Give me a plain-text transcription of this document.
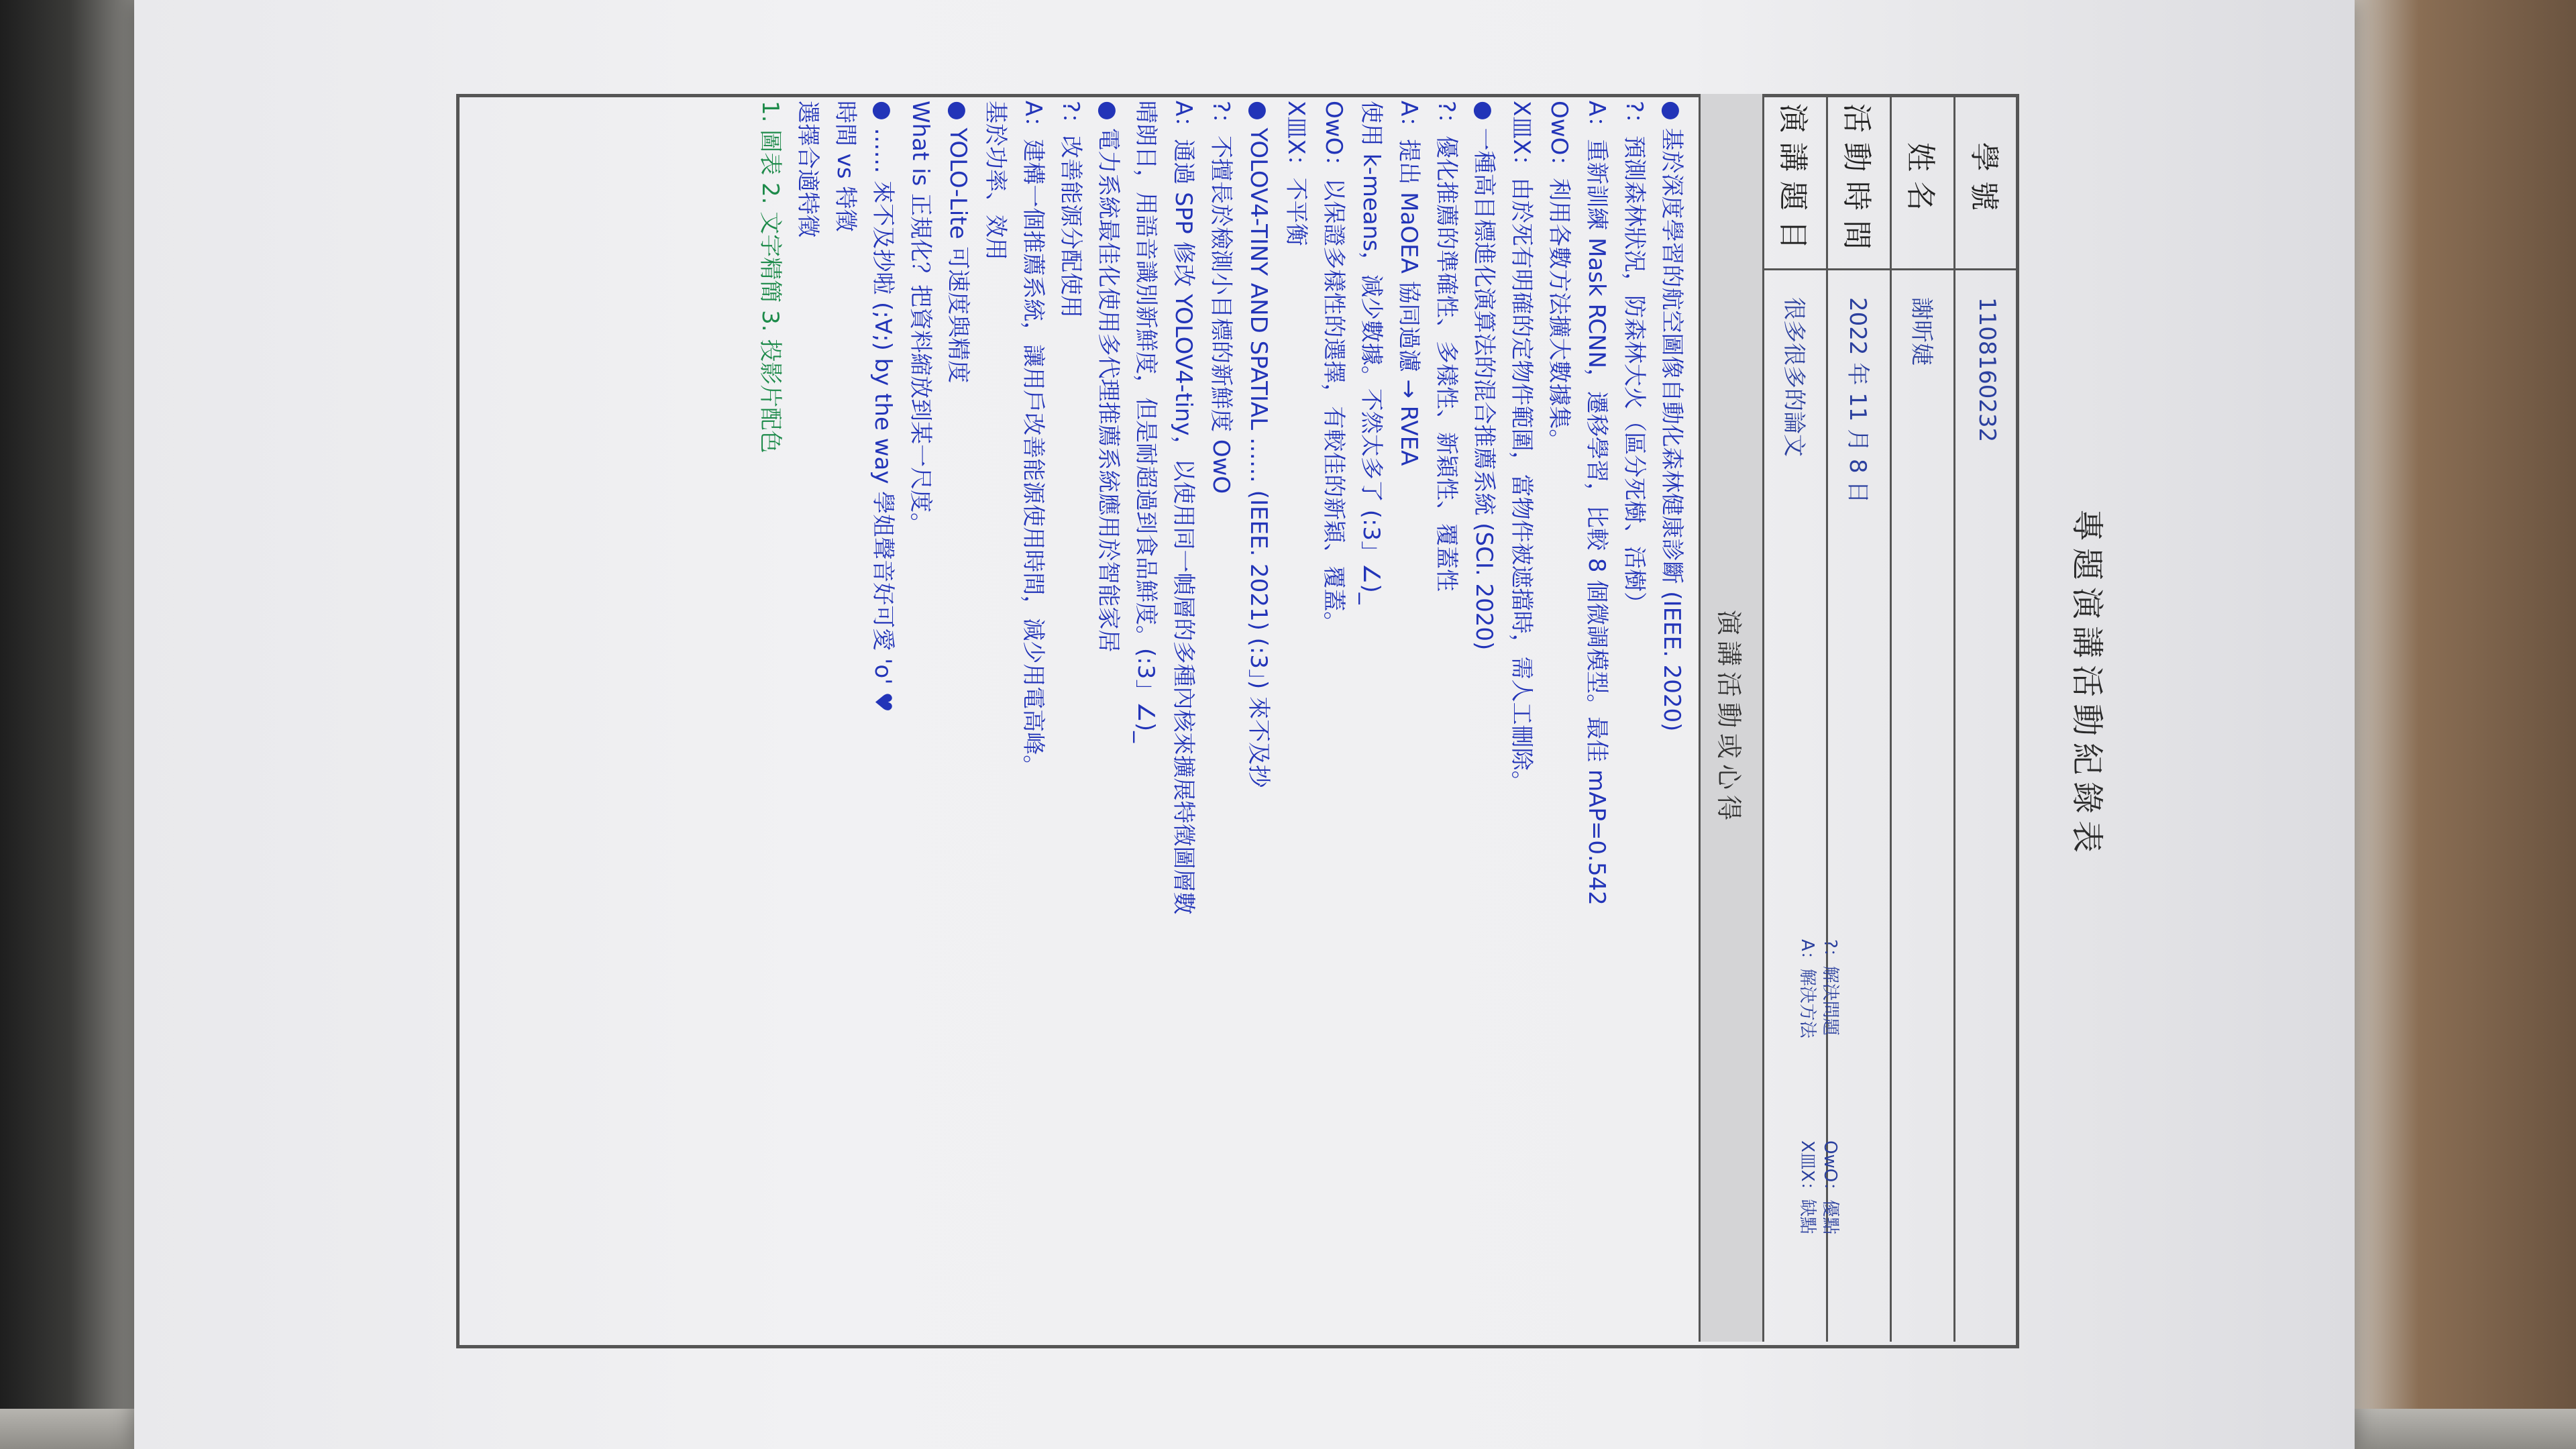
專題演講活動紀錄表
學號
1108160232
姓名
謝昕婕
活動時間
2022 年 11 月 8 日
演講題目
很多很多的論文
?：解決問題
A：解決方法
OwO：優點
X皿X：缺點
演講活動或心得
● 基於深度學習的航空圖像自動化森林健康診斷 (IEEE. 2020)
?：預測森林狀況，防森林大火（區分死樹、活樹）
A：重新訓練 Mask RCNN，遷移學習，比較 8 個微調模型。最佳 mAP=0.542
OwO：利用各數方法擴大數據集。
X皿X：由於死有明確的定物件範圍，當物件被遮擋時，需人工刪除。
● 一種高目標進化演算法的混合推薦系統 (SCI. 2020)
?：優化推薦的準確性、多樣性、新穎性、覆蓋性
A：提出 MaOEA 協同過濾 → RVEA
使用 k-means，減少數據。不然太多了 (:3」∠)_
OwO：以保證多樣性的選擇，有較佳的新穎、覆蓋。
X皿X：不平衡
● YOLOV4-TINY AND SPATIAL …… (IEEE. 2021) (:3」) 來不及抄
?：不擅長於檢測小目標的新鮮度 OwO
A：通過 SPP 修改 YOLOV4-tiny，以使用同一幀層的多種內核來擴展特徵圖層數
晴朗日，用語音識別新鮮度，但是耐超過到食品鮮度。(:3」∠)_
● 電力系統最佳化使用多代理推薦系統應用於智能家居
?：改善能源分配使用
A：建構一個推薦系統，讓用戶改善能源使用時間，減少用電高峰。
基於功率、效用
● YOLO-Lite 可速度與精度
What is 正規化？把資料縮放到某一尺度。
● …… 來不及抄啦 (;∀;) by the way 學姐聲音好可愛 'o' ♥
時間 vs 特徵
選擇合適特徵
1. 圖表 2. 文字精簡 3. 投影片配色
